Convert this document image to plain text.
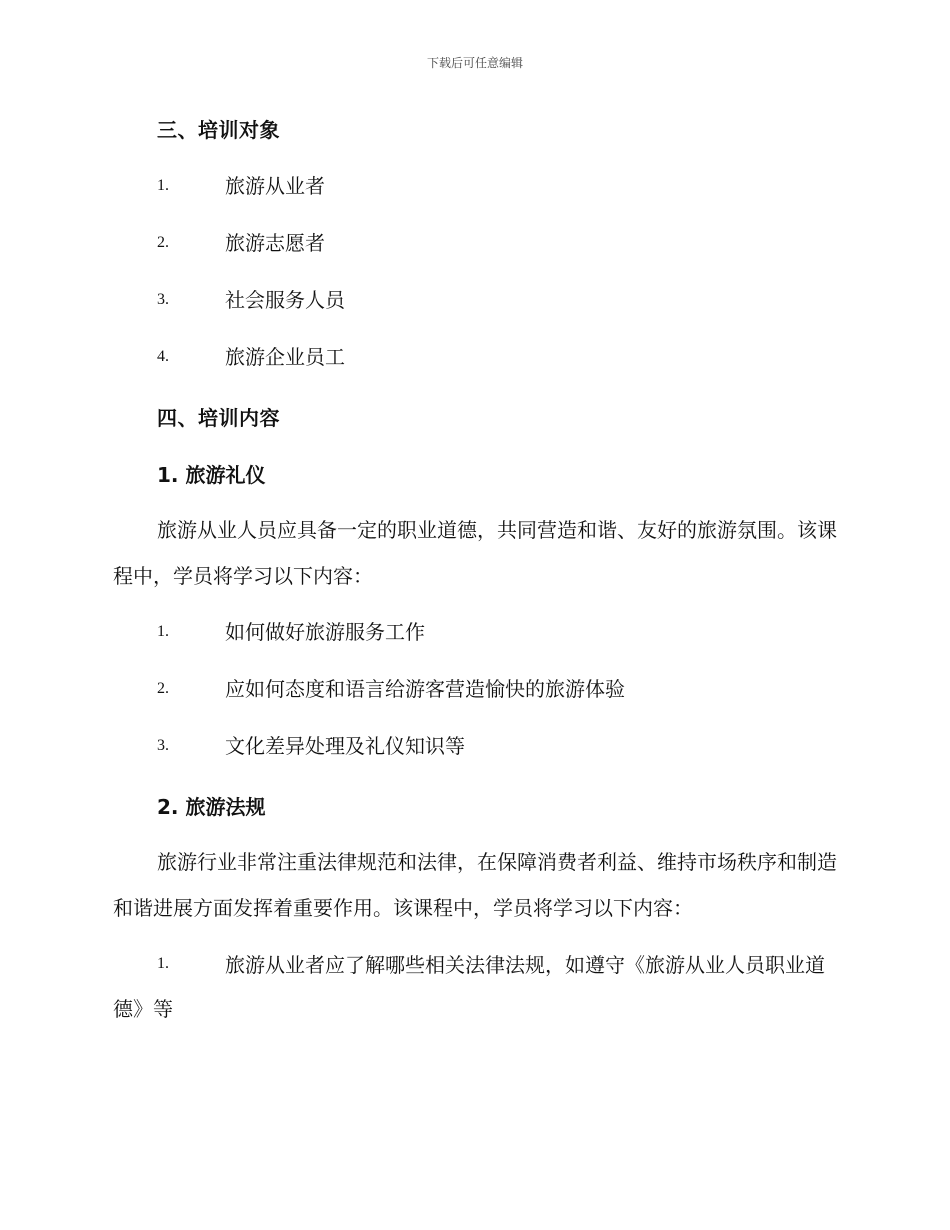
下载后可任意编辑
三、培训对象
1.	旅游从业者
2.	旅游志愿者
3.	社会服务人员
4.	旅游企业员工
四、培训内容
1. 旅游礼仪
旅游从业人员应具备一定的职业道德，共同营造和谐、友好的旅游氛围。该课程中，学员将学习以下内容：
1.	如何做好旅游服务工作
2.	应如何态度和语言给游客营造愉快的旅游体验
3.	文化差异处理及礼仪知识等
2. 旅游法规
旅游行业非常注重法律规范和法律，在保障消费者利益、维持市场秩序和制造和谐进展方面发挥着重要作用。该课程中，学员将学习以下内容：
1.	旅游从业者应了解哪些相关法律法规，如遵守《旅游从业人员职业道德》等
